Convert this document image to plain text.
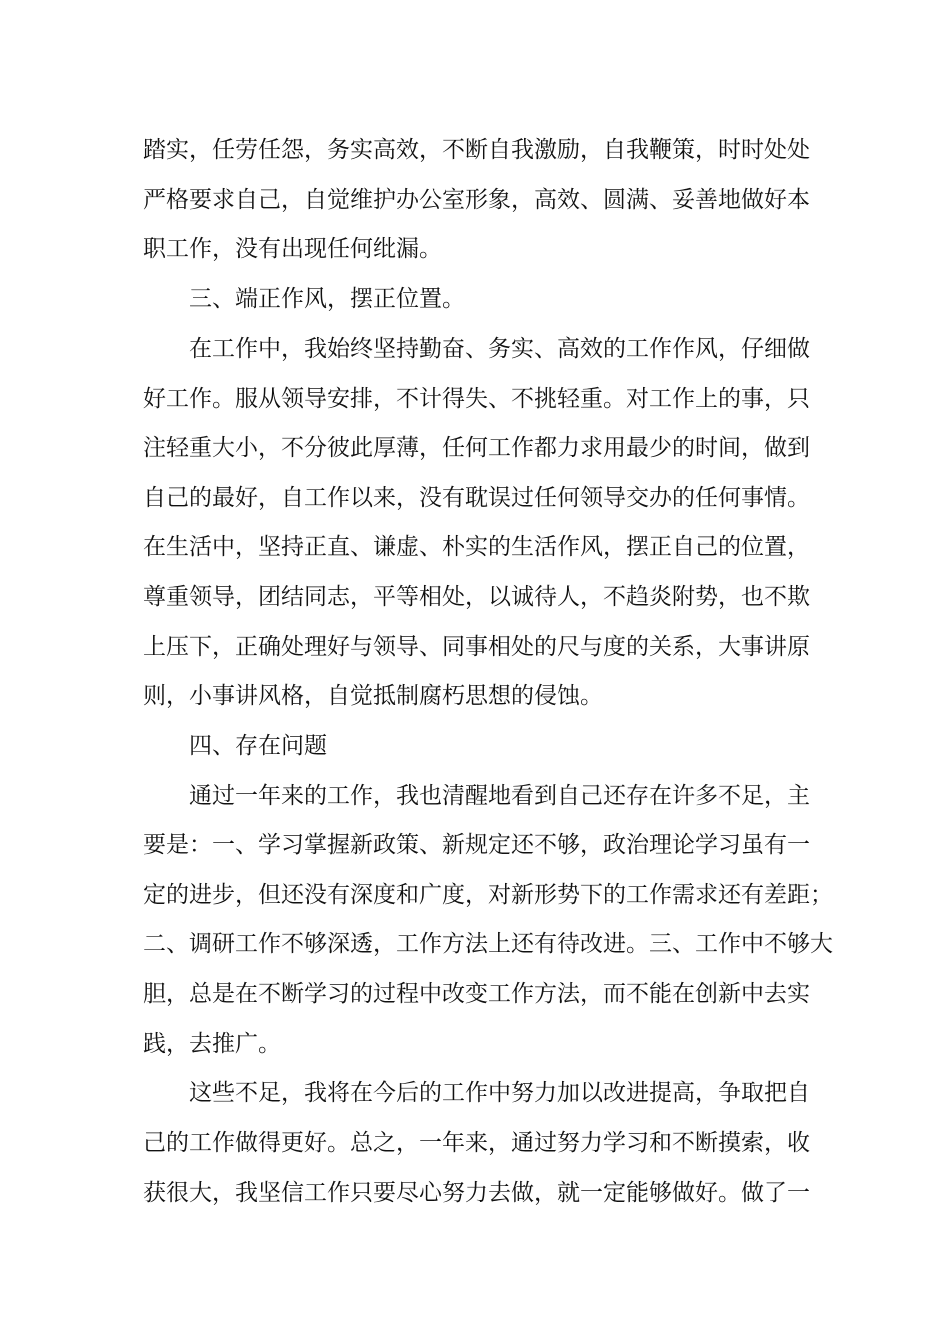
踏实，任劳任怨，务实高效，不断自我激励，自我鞭策，时时处处
严格要求自己，自觉维护办公室形象，高效、圆满、妥善地做好本
职工作，没有出现任何纰漏。
三、端正作风，摆正位置。
在工作中，我始终坚持勤奋、务实、高效的工作作风，仔细做
好工作。服从领导安排，不计得失、不挑轻重。对工作上的事，只
注轻重大小，不分彼此厚薄，任何工作都力求用最少的时间，做到
自己的最好，自工作以来，没有耽误过任何领导交办的任何事情。
在生活中，坚持正直、谦虚、朴实的生活作风，摆正自己的位置，
尊重领导，团结同志，平等相处，以诚待人，不趋炎附势，也不欺
上压下，正确处理好与领导、同事相处的尺与度的关系，大事讲原
则，小事讲风格，自觉抵制腐朽思想的侵蚀。
四、存在问题
通过一年来的工作，我也清醒地看到自己还存在许多不足，主
要是：一、学习掌握新政策、新规定还不够，政治理论学习虽有一
定的进步，但还没有深度和广度，对新形势下的工作需求还有差距；
二、调研工作不够深透，工作方法上还有待改进。三、工作中不够大
胆，总是在不断学习的过程中改变工作方法，而不能在创新中去实
践，去推广。
这些不足，我将在今后的工作中努力加以改进提高，争取把自
己的工作做得更好。总之，一年来，通过努力学习和不断摸索，收
获很大，我坚信工作只要尽心努力去做，就一定能够做好。做了一
